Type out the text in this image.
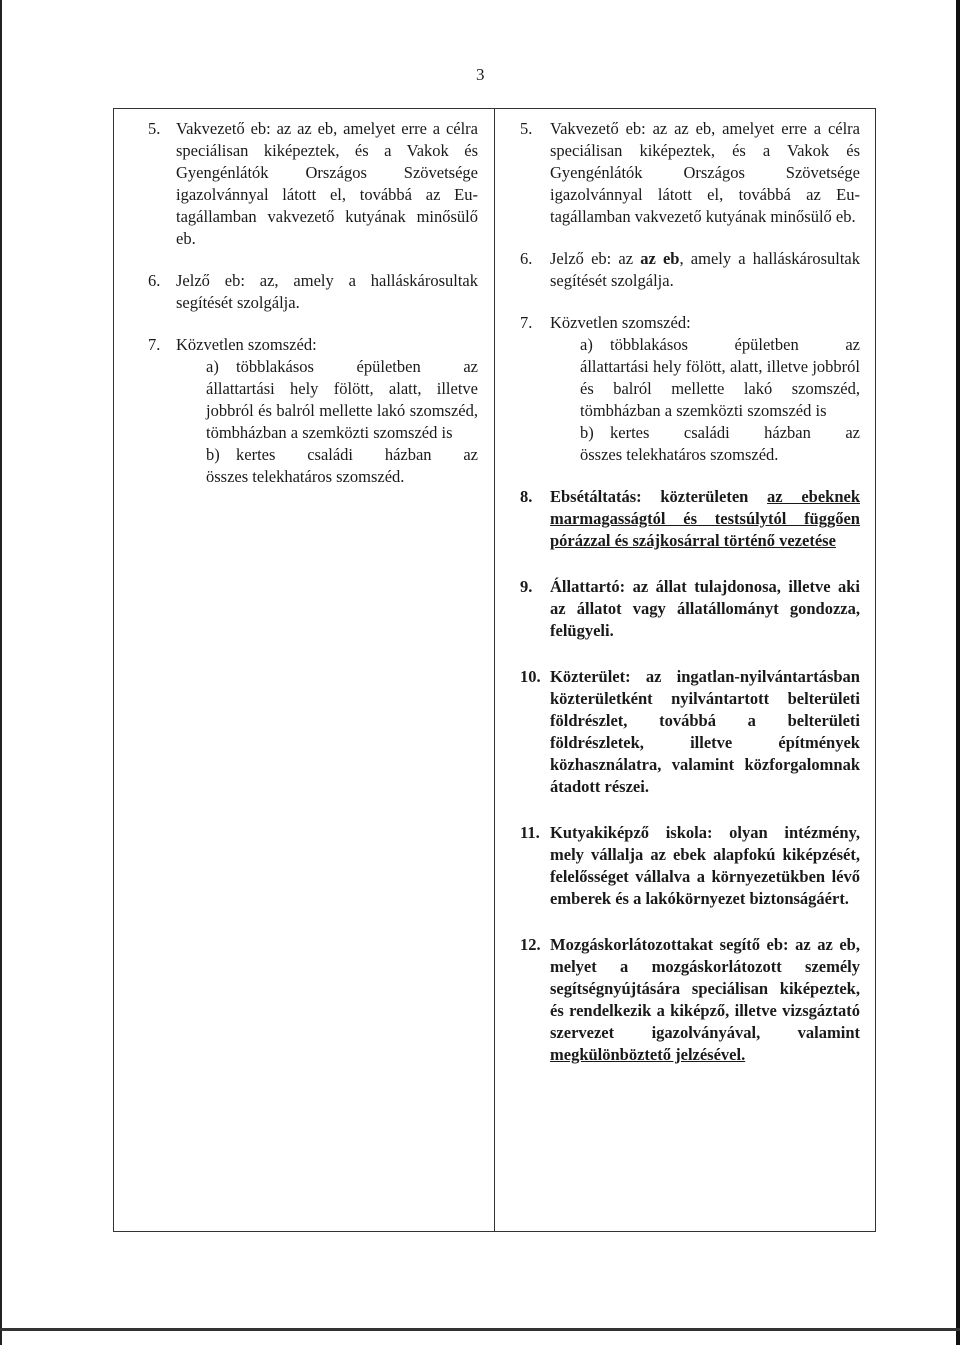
3
5. Vakvezető eb: az az eb, amelyet erre a célra speciálisan kiképeztek, és a Vakok és Gyengénlátók Országos Szövetsége igazolvánnyal látott el, továbbá az Eu-tagállamban vakvezető kutyának minősülő eb.
6. Jelző eb: az, amely a halláskárosultak segítését szolgálja.
7. Közvetlen szomszéd:
a)	többlakásos épületben az
állattartási hely fölött, alatt, illetve jobbról és balról mellette lakó szomszéd, tömbházban a szemközti szomszéd is
b) kertes családi házban az
összes telekhatáros szomszéd.
5.	Vakvezető eb: az az eb, amelyet erre a célra speciálisan kiképeztek, és a Vakok és Gyengénlátók Országos Szövetsége igazolvánnyal látott el, továbbá az Eu-tagállamban vakvezető kutyának minősülő eb.
6.	Jelző eb: az az eb, amely a halláskárosultak segítését szolgálja.
7.	Közvetlen szomszéd:
a)	többlakásos épületben az
állattartási hely fölött, alatt, illetve jobbról és balról mellette lakó szomszéd, tömbházban a szemközti szomszéd is
b) kertes családi házban az
összes telekhatáros szomszéd.
8.	Ebsétáltatás: közterületen az ebeknek marmagasságtól és testsúlytól függően pórázzal és szájkosárral történő vezetése
9.	Állattartó: az állat tulajdonosa, illetve aki az állatot vagy állatállományt gondozza, felügyeli.
10. Közterület: az ingatlan-nyilvántartásban közterületként nyilvántartott belterületi földrészlet, továbbá a belterületi földrészletek, illetve építmények közhasználatra, valamint közforgalomnak átadott részei.
11. Kutyakiképző iskola: olyan intézmény, mely vállalja az ebek alapfokú kiképzését, felelősséget vállalva a környezetükben lévő emberek és a lakókörnyezet biztonságáért.
12. Mozgáskorlátozottakat segítő eb: az az eb, melyet a mozgáskorlátozott személy segítségnyújtására speciálisan kiképeztek, és rendelkezik a kiképző, illetve vizsgáztató szervezet igazolványával, valamint megkülönböztető jelzésével.
